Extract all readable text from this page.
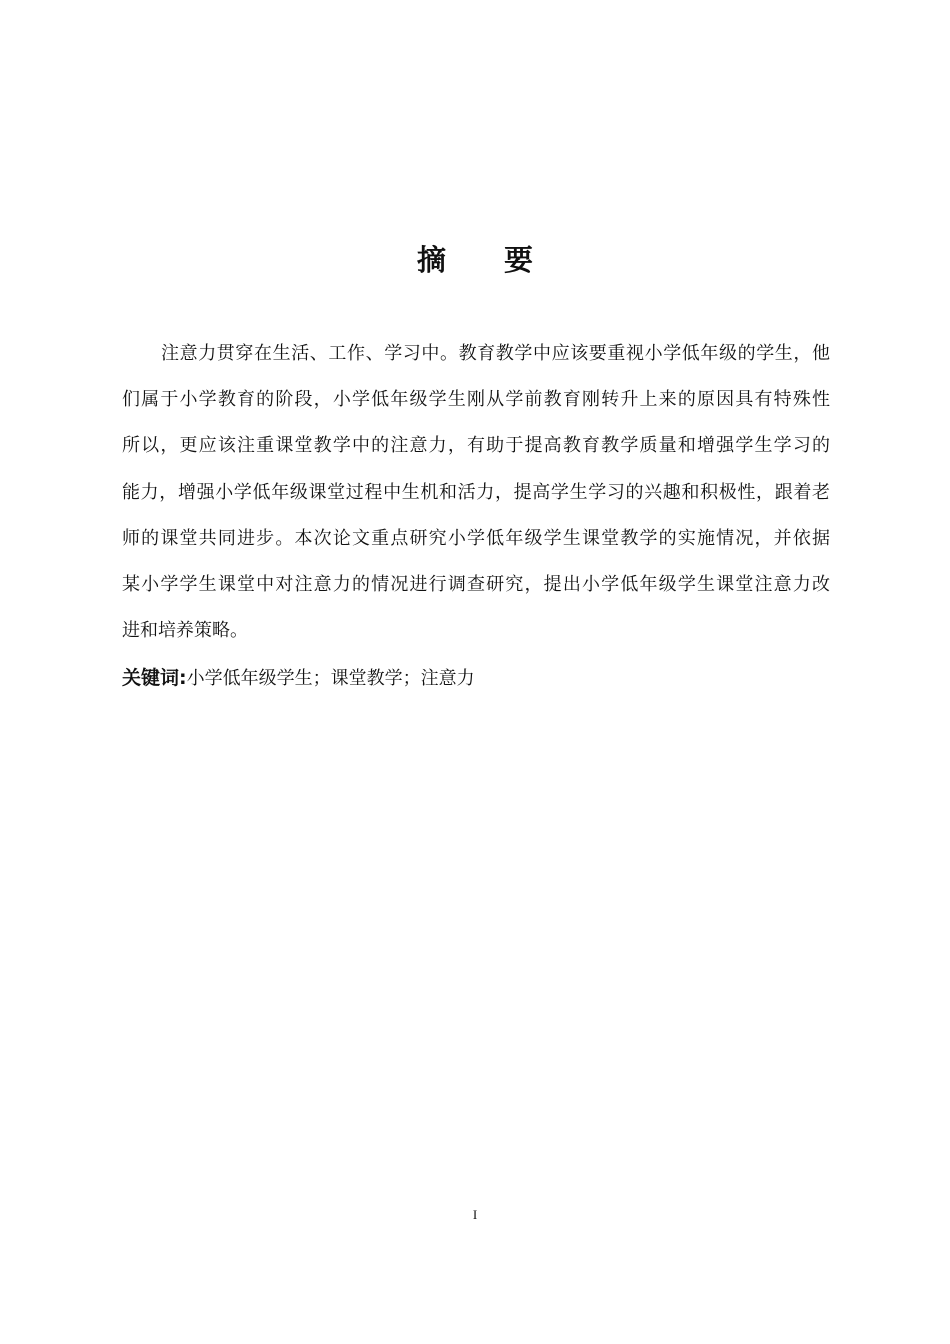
摘 要
注意力贯穿在生活、工作、学习中。教育教学中应该要重视小学低年级的学生，他
们属于小学教育的阶段，小学低年级学生刚从学前教育刚转升上来的原因具有特殊性
所以，更应该注重课堂教学中的注意力，有助于提高教育教学质量和增强学生学习的
能力，增强小学低年级课堂过程中生机和活力，提高学生学习的兴趣和积极性，跟着老
师的课堂共同进步。本次论文重点研究小学低年级学生课堂教学的实施情况，并依据
某小学学生课堂中对注意力的情况进行调查研究，提出小学低年级学生课堂注意力改
进和培养策略。
关键词:小学低年级学生；课堂教学；注意力
I
